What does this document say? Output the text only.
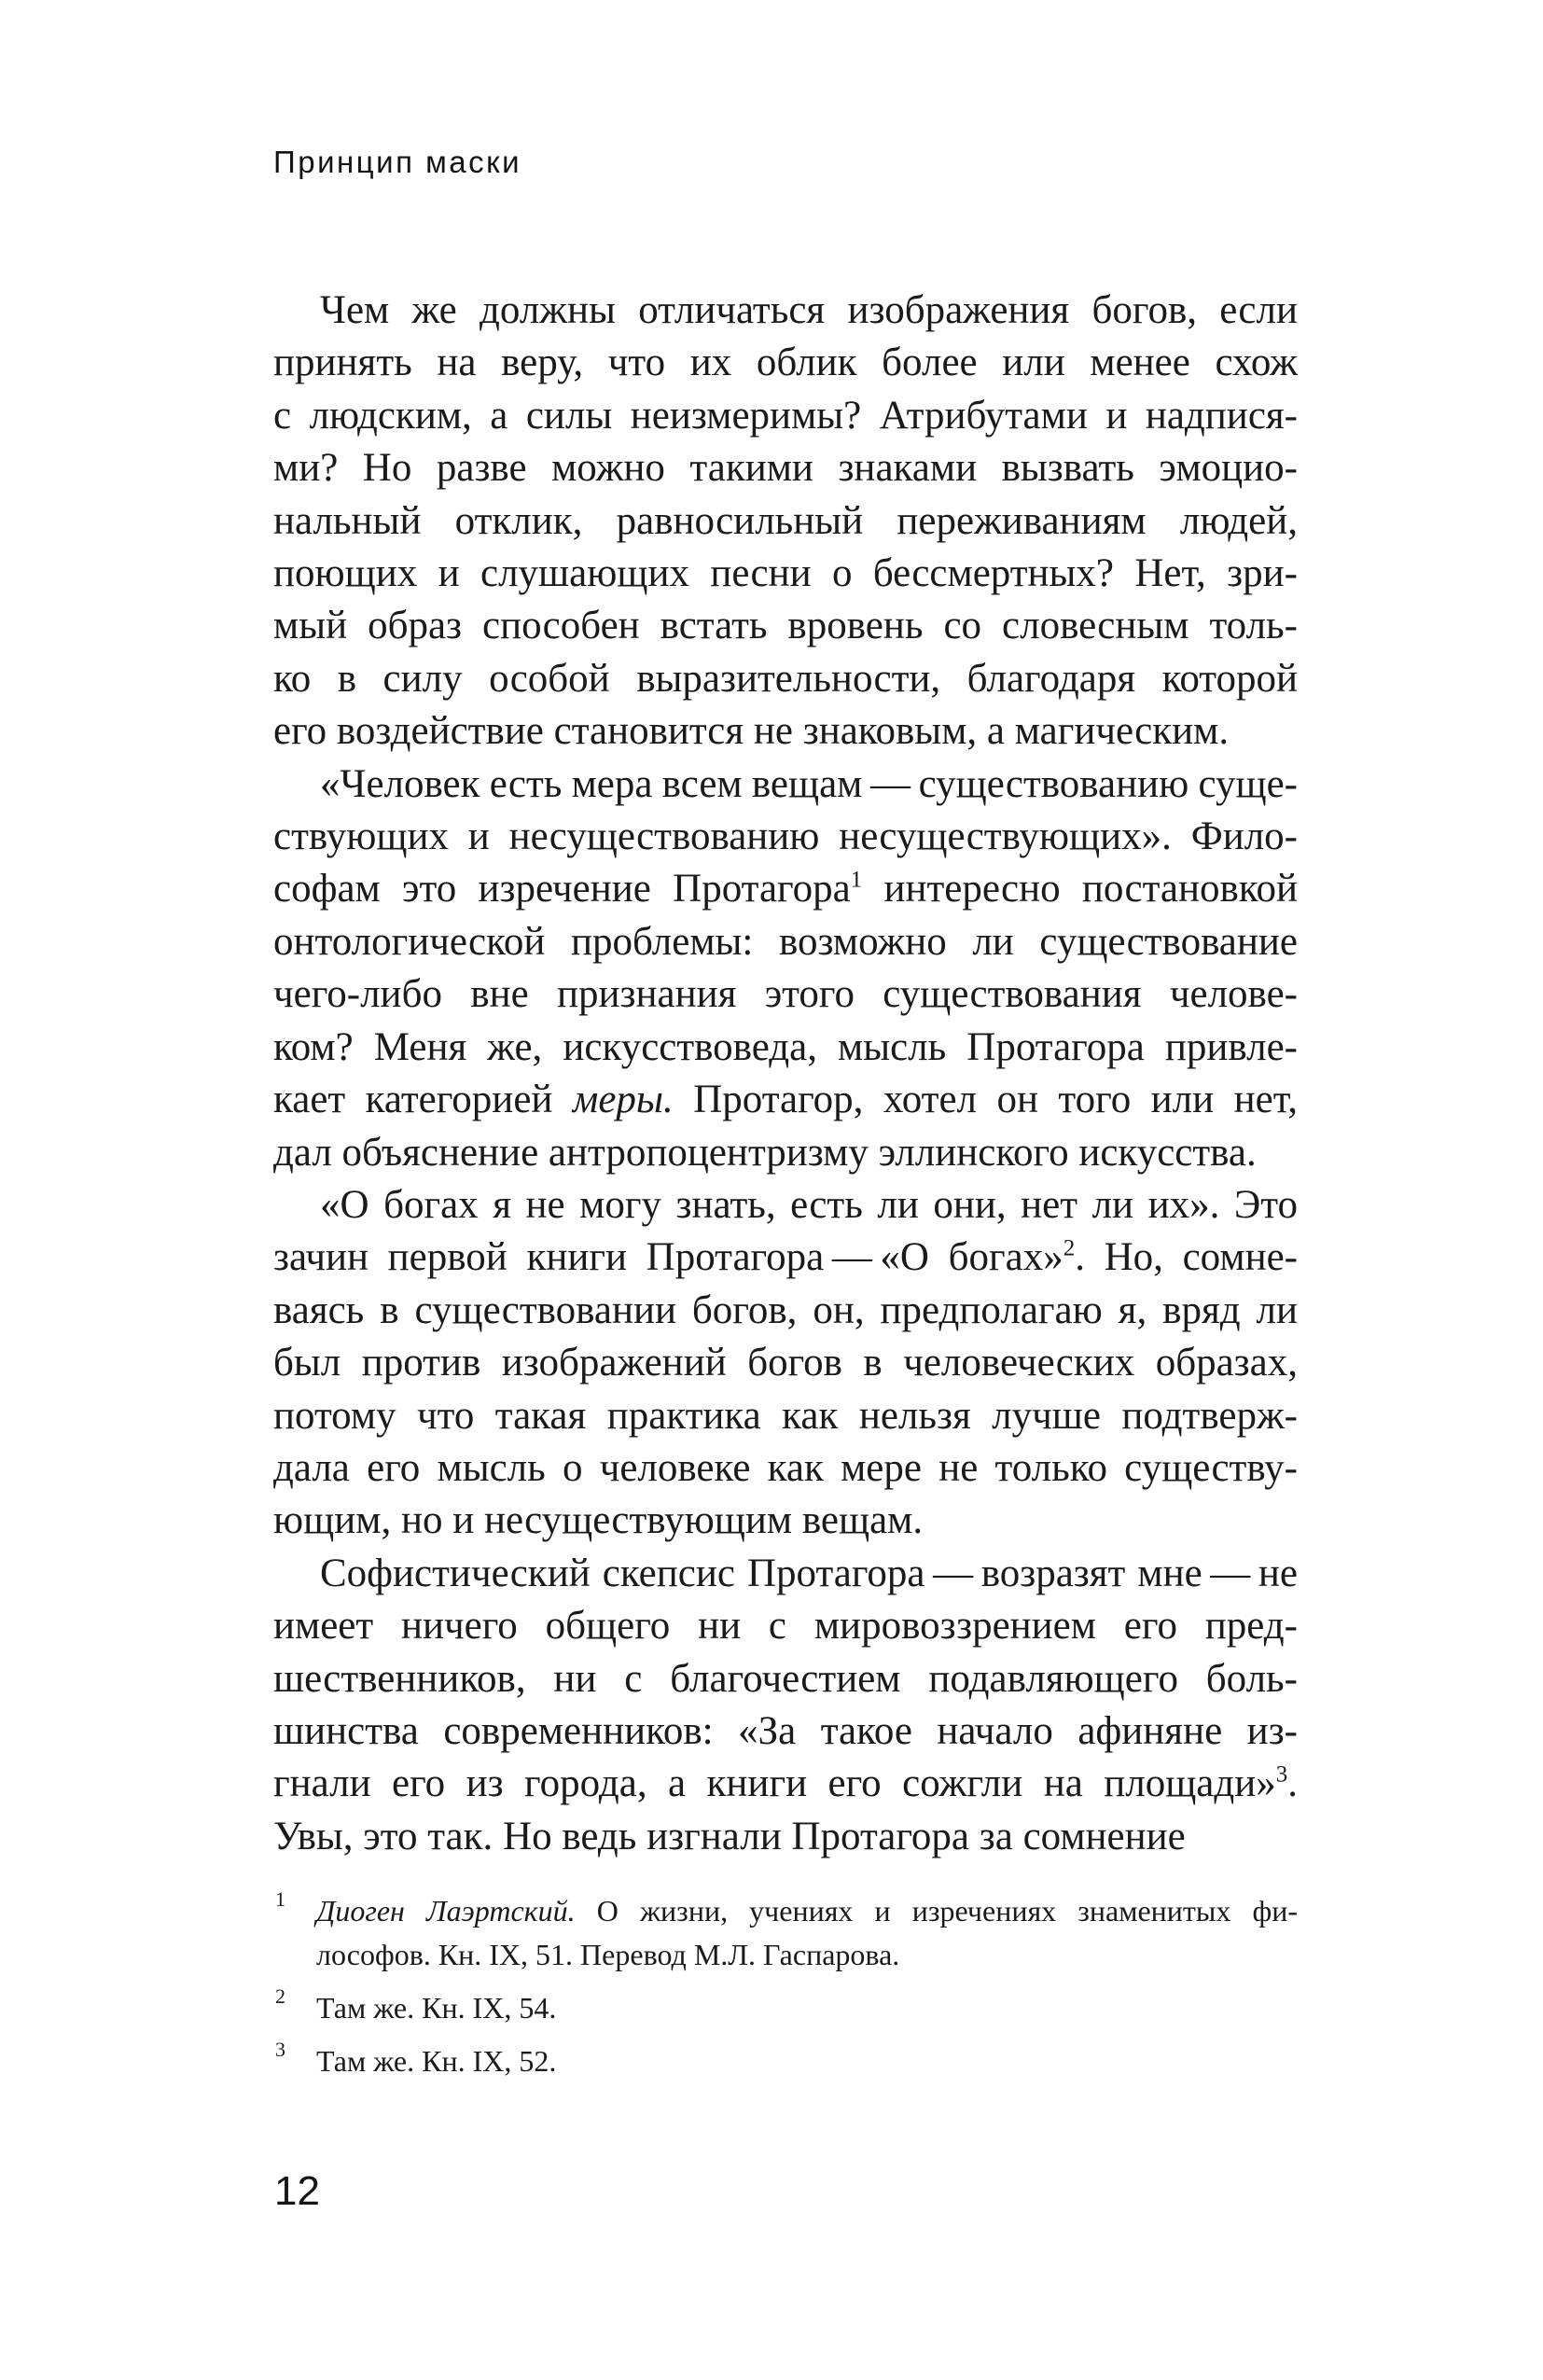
Принцип маски
Чем же должны отличаться изображения богов, если
принять на веру, что их облик более или менее схож
с людским, а силы неизмеримы? Атрибутами и надпися-
ми? Но разве можно такими знаками вызвать эмоцио-
нальный отклик, равносильный переживаниям людей,
поющих и слушающих песни о бессмертных? Нет, зри-
мый образ способен встать вровень со словесным толь-
ко в силу особой выразительности, благодаря которой
его воздействие становится не знаковым, а магическим.
«Человек есть мера всем вещам — существованию суще-
ствующих и несуществованию несуществующих». Фило-
софам это изречение Протагора$^1$ интересно постановкой
онтологической проблемы: возможно ли существование
чего-либо вне признания этого существования челове-
ком? Меня же, искусствоведа, мысль Протагора привле-
кает категорией меры. Протагор, хотел он того или нет,
дал объяснение антропоцентризму эллинского искусства.
«О богах я не могу знать, есть ли они, нет ли их». Это
зачин первой книги Протагора — «О богах»$^2$. Но, сомне-
ваясь в существовании богов, он, предполагаю я, вряд ли
был против изображений богов в человеческих образах,
потому что такая практика как нельзя лучше подтверж-
дала его мысль о человеке как мере не только существу-
ющим, но и несуществующим вещам.
Софистический скепсис Протагора — возразят мне — не
имеет ничего общего ни с мировоззрением его пред-
шественников, ни с благочестием подавляющего боль-
шинства современников: «За такое начало афиняне из-
гнали его из города, а книги его сожгли на площади»$^3$.
Увы, это так. Но ведь изгнали Протагора за сомнение
1 Диоген Лаэртский. О жизни, учениях и изречениях знаменитых фи-
лософов. Кн. IX, 51. Перевод М.Л. Гаспарова.
2 Там же. Кн. IX, 54.
3 Там же. Кн. IX, 52.
12
